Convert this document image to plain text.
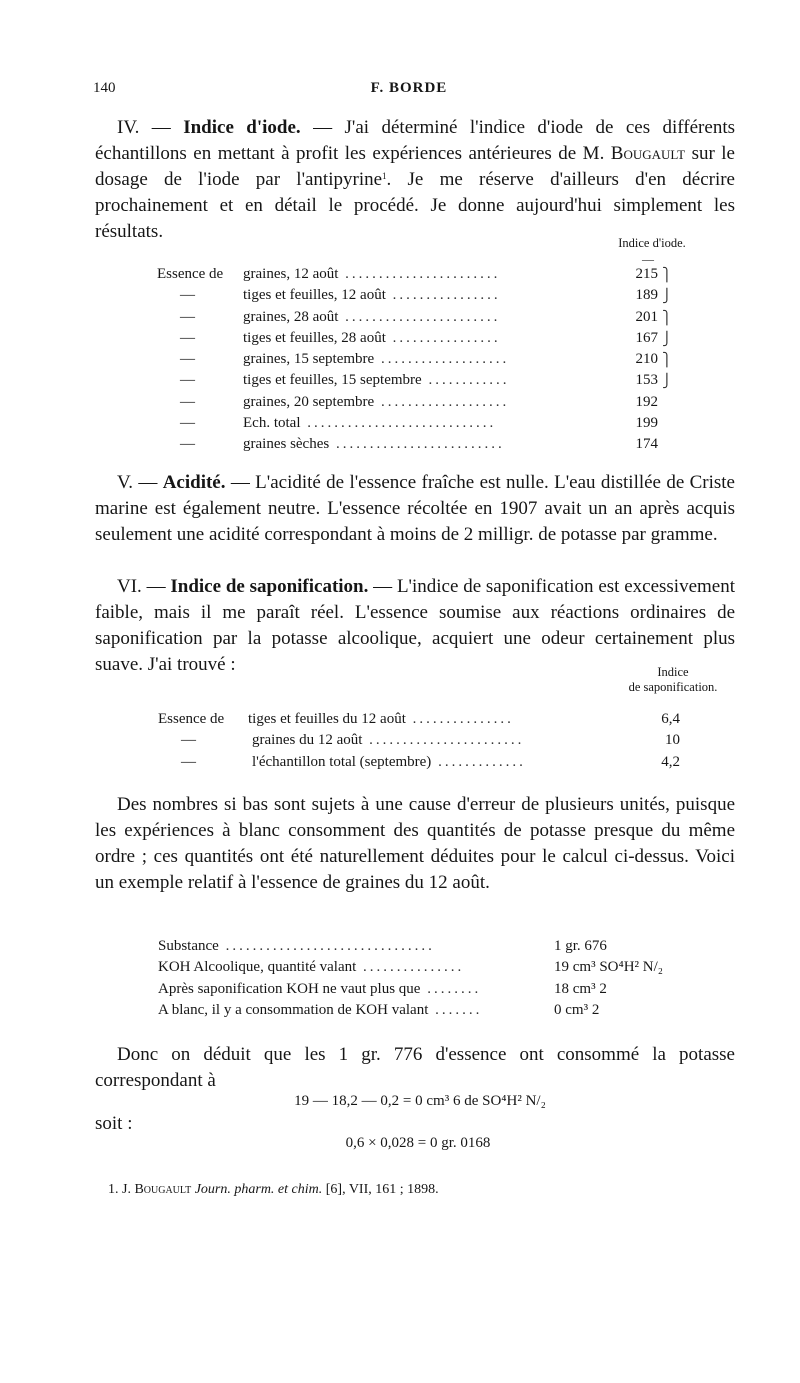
140	F. BORDE
IV. — Indice d'iode. — J'ai déterminé l'indice d'iode de ces différents échantillons en mettant à profit les expériences antérieures de M. Bougault sur le dosage de l'iode par l'antipyrine$^1$. Je me réserve d'ailleurs d'en décrire prochainement et en détail le procédé. Je donne aujourd'hui simplement les résultats.
Indice d'iode.
—
Essence de graines, 12 août .......................	215 ⎫
—	tiges et feuilles, 12 août ................	189 ⎭
—	graines, 28 août .......................	201 ⎫
—	tiges et feuilles, 28 août ................	167 ⎭
—	graines, 15 septembre ...................	210 ⎫
—	tiges et feuilles, 15 septembre ............	153 ⎭
—	graines, 20 septembre ...................	192
—	Ech. total ............................	199
—	graines sèches .........................	174
V. — Acidité. — L'acidité de l'essence fraîche est nulle. L'eau distillée de Criste marine est également neutre. L'essence récoltée en 1907 avait un an après acquis seulement une acidité correspondant à moins de 2 milligr. de potasse par gramme.
VI. — Indice de saponification. — L'indice de saponification est excessivement faible, mais il me paraît réel. L'essence soumise aux réactions ordinaires de saponification par la potasse alcoolique, acquiert une odeur certainement plus suave. J'ai trouvé :	Indice
de saponification.
Essence de tiges et feuilles du 12 août ...............	6,4
—	graines du 12 août .......................	10
—	l'échantillon total (septembre) .............	4,2
Des nombres si bas sont sujets à une cause d'erreur de plusieurs unités, puisque les expériences à blanc consomment des quantités de potasse presque du même ordre ; ces quantités ont été naturellement déduites pour le calcul ci-dessus. Voici un exemple relatif à l'essence de graines du 12 août.
Substance ...............................	1 gr. 676
KOH Alcoolique, quantité valant ...............	19 cm³ SO⁴H² N/₂
Après saponification KOH ne vaut plus que ........	18 cm³ 2
A blanc, il y a consommation de KOH valant .......	0 cm³ 2
Donc on déduit que les 1 gr. 776 d'essence ont consommé la potasse correspondant à
19 — 18,2 — 0,2 = 0 cm³ 6 de SO⁴H² N/₂
soit :
0,6 × 0,028 = 0 gr. 0168
1. J. Bougault Journ. pharm. et chim. [6], VII, 161 ; 1898.
